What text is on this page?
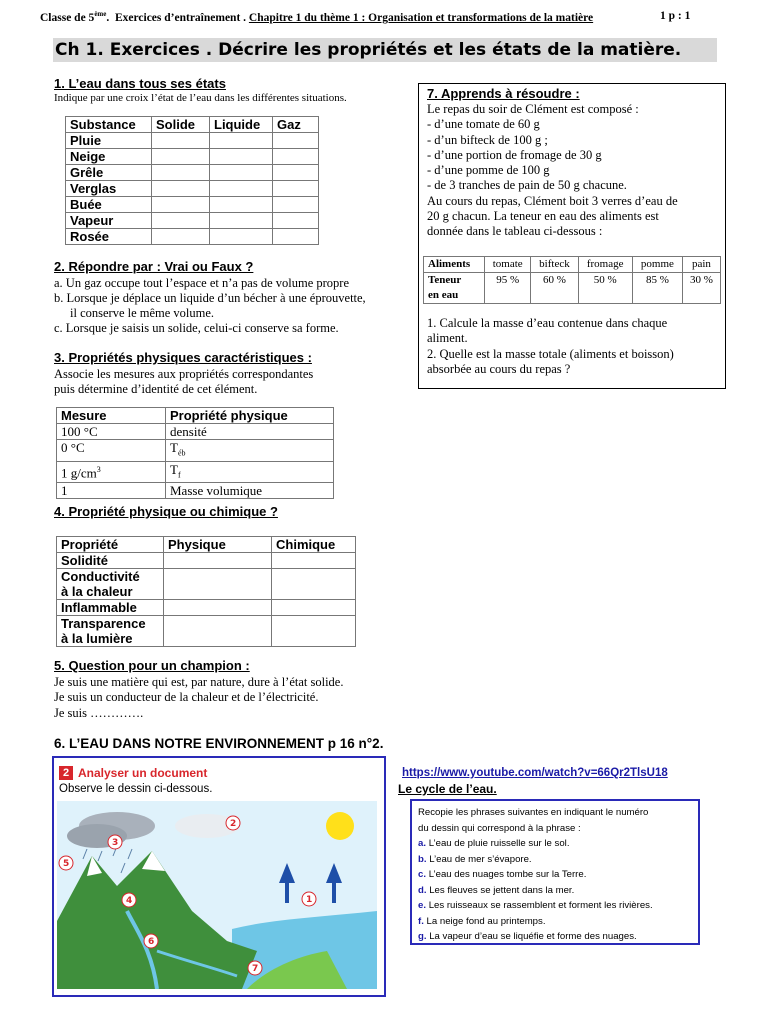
Classe de 5ème. Exercices d’entraînement . Chapitre 1 du thème 1 : Organisation et transformations de la matière	1 p : 1
Ch 1. Exercices . Décrire les propriétés et les états de la matière.
1. L’eau dans tous ses états
Indique par une croix l’état de l’eau dans les différentes situations.
Substance	Solide	Liquide	Gaz
Pluie			
Neige			
Grêle			
Verglas			
Buée			
Vapeur			
Rosée			
2. Répondre par : Vrai ou Faux ?
a. Un gaz occupe tout l’espace et n’a pas de volume propre
b. Lorsque je déplace un liquide d’un bécher à une éprouvette,
il conserve le même volume.
c. Lorsque je saisis un solide, celui-ci conserve sa forme.
3. Propriétés physiques caractéristiques :
Associe les mesures aux propriétés correspondantes
puis détermine d’identité de cet élément.
Mesure	Propriété physique
100 °C	densité
0 °C	$T_{éb}$
1 $g/cm^3$	$T_f$
1	Masse volumique
4. Propriété physique ou chimique ?
Propriété	Physique	Chimique
Solidité		
Conductivité
à la chaleur		
Inflammable		
Transparence
à la lumière		
5. Question pour un champion :
Je suis une matière qui est, par nature, dure à l’état solide.
Je suis un conducteur de la chaleur et de l’électricité.
Je suis ………….
6. L’EAU DANS NOTRE ENVIRONNEMENT p 16 n°2.
2 Analyser un document
Observe le dessin ci-dessous.
1
2
3
4
5
6
7
https://www.youtube.com/watch?v=66Qr2TlsU18
Le cycle de l’eau.
Recopie les phrases suivantes en indiquant le numéro
du dessin qui correspond à la phrase :
a. L’eau de pluie ruisselle sur le sol.
b. L’eau de mer s’évapore.
c. L’eau des nuages tombe sur la Terre.
d. Les fleuves se jettent dans la mer.
e. Les ruisseaux se rassemblent et forment les rivières.
f. La neige fond au printemps.
g. La vapeur d’eau se liquéfie et forme des nuages.
7. Apprends à résoudre :
Le repas du soir de Clément est composé :
- d’une tomate de 60 g
- d’un bifteck de 100 g ;
- d’une portion de fromage de 30 g
- d’une pomme de 100 g
- de 3 tranches de pain de 50 g chacune.
Au cours du repas, Clément boit 3 verres d’eau de
20 g chacun. La teneur en eau des aliments est
donnée dans le tableau ci-dessous :
Aliments	tomate	bifteck	fromage	pomme	pain
Teneur
en eau	95 %	60 %	50 %	85 %	30 %
1. Calcule la masse d’eau contenue dans chaque
aliment.
2. Quelle est la masse totale (aliments et boisson)
absorbée au cours du repas ?
